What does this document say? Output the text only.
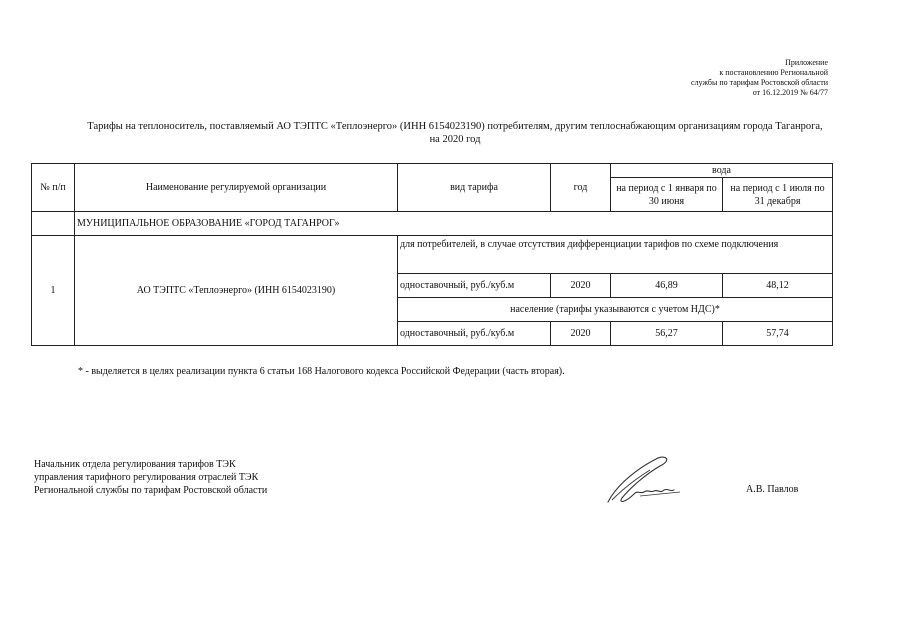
Приложение
к постановлению Региональной
службы по тарифам Ростовской области
от 16.12.2019 № 64/77
Тарифы на теплоноситель, поставляемый АО ТЭПТС «Теплоэнерго» (ИНН 6154023190) потребителям, другим теплоснабжающим организациям города Таганрога,
на 2020 год
№ п/п	Наименование регулируемой организации	вид тарифа	год	вода	
				на период с 1 января по 30 июня	на период с 1 июля по 31 декабря
	МУНИЦИПАЛЬНОЕ ОБРАЗОВАНИЕ «ГОРОД ТАГАНРОГ»				
1	АО ТЭПТС «Теплоэнерго» (ИНН 6154023190)	для потребителей, в случае отсутствия дифференциации тарифов по схеме подключения			
		одноставочный, руб./куб.м	2020	46,89	48,12
		население (тарифы указываются с учетом НДС)*			
		одноставочный, руб./куб.м	2020	56,27	57,74
* - выделяется в целях реализации пункта 6 статьи 168 Налогового кодекса Российской Федерации (часть вторая).
Начальник отдела регулирования тарифов ТЭК
управления тарифного регулирования отраслей ТЭК
Региональной службы по тарифам Ростовской области	А.В. Павлов
